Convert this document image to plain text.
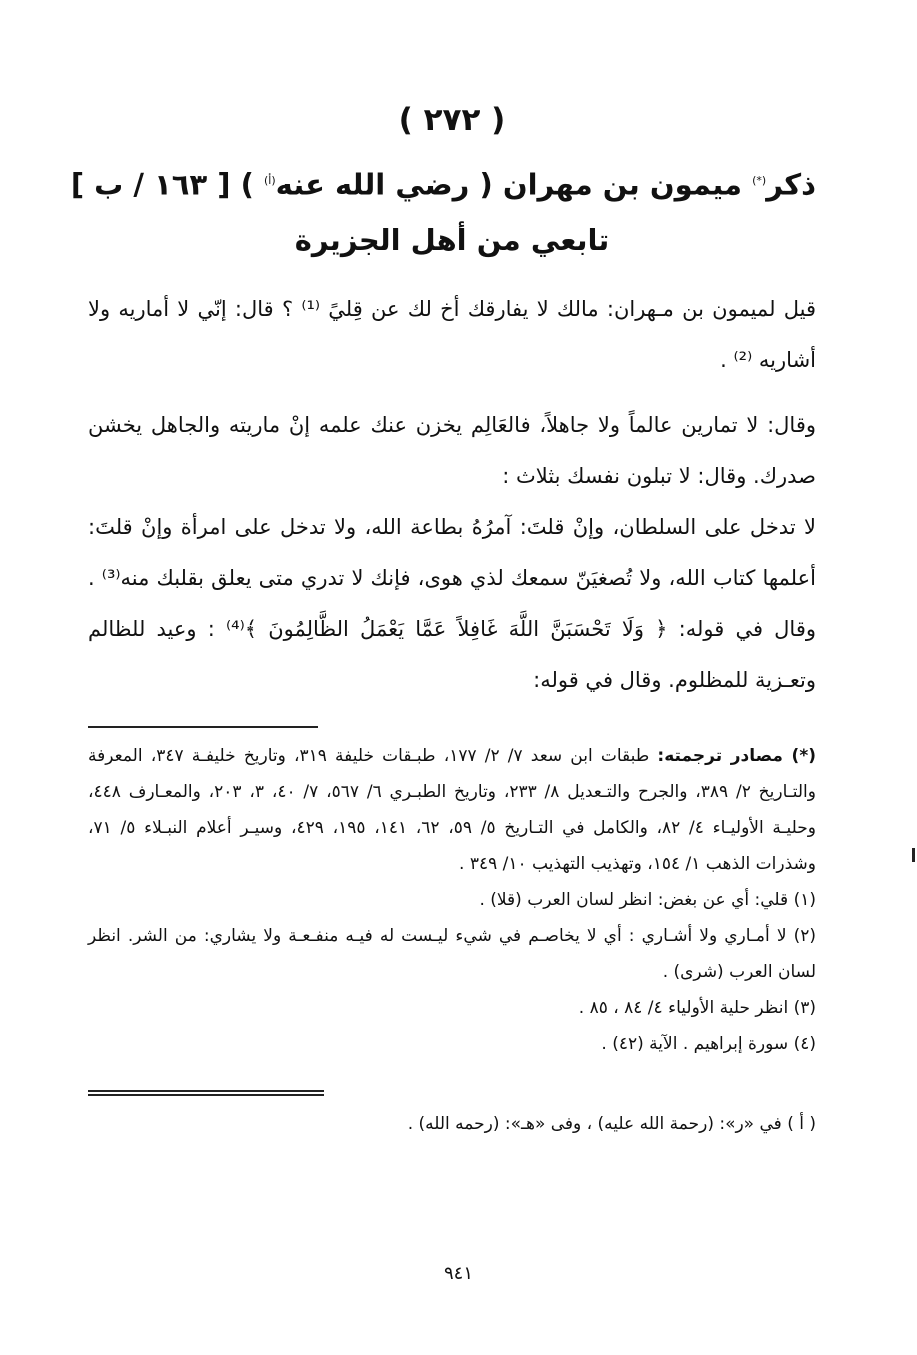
( ٢٧٢ )
ذكر(*) ميمون بن مهران ( رضي الله عنه$^{(أ)}$ ) [ ١٦٣ / ب ]
تابعي من أهل الجزيرة

قيل لميمون بن مـهران: مالك لا يفارقك أخ لك عن قِليً ⁽¹⁾ ؟ قال: إنّي لا أماريه ولا أشاريه ⁽²⁾ .

وقال: لا تمارين عالماً ولا جاهلاً، فالعَالِم يخزن عنك علمه إنْ ماريته والجاهل يخشن صدرك. وقال: لا تبلون نفسك بثلاث :

لا تدخل على السلطان، وإنْ قلتَ: آمرُهُ بطاعة الله، ولا تدخل على امرأة وإنْ قلتَ: أعلمها كتاب الله، ولا تُصغيَنّ سمعك لذي هوى، فإنك لا تدري متى يعلق بقلبك منه⁽³⁾ . وقال في قوله: ﴿ وَلَا تَحْسَبَنَّ اللَّهَ غَافِلاً عَمَّا يَعْمَلُ الظَّالِمُونَ ﴾⁽⁴⁾ : وعيد للظالم وتعـزية للمظلوم. وقال في قوله:

(*) مصادر ترجمته: طبقات ابن سعد ٧/ ٢/ ١٧٧، طبـقات خليفة ٣١٩، وتاريخ خليفـة ٣٤٧، المعرفة والتـاريخ ٢/ ٣٨٩، والجرح والتـعديل ٨/ ٢٣٣، وتاريخ الطبـري ٦/ ٥٦٧، ٧/ ٤٠، ٣، ٢٠٣، والمعـارف ٤٤٨، وحليـة الأوليـاء ٤/ ٨٢، والكامل في التـاريخ ٥/ ٥٩، ٦٢، ١٤١، ١٩٥، ٤٢٩، وسيـر أعلام النبـلاء ٥/ ٧١، وشذرات الذهب ١/ ١٥٤، وتهذيب التهذيب ١٠/ ٣٤٩ .

(١) قلي: أي عن بغض: انظر لسان العرب (قلا) .

(٢) لا أمـاري ولا أشـاري : أي لا يخاصـم في شيء ليـست له فيـه منفـعـة ولا يشاري: من الشر. انظر لسان العرب (شرى) .

(٣) انظر حلية الأولياء ٤/ ٨٤ ، ٨٥ .

(٤) سورة إبراهيم . الآية (٤٢) .

( أ ) في «ر»: (رحمة الله عليه) ، وفى «هـ»: (رحمه الله) .
٩٤١
